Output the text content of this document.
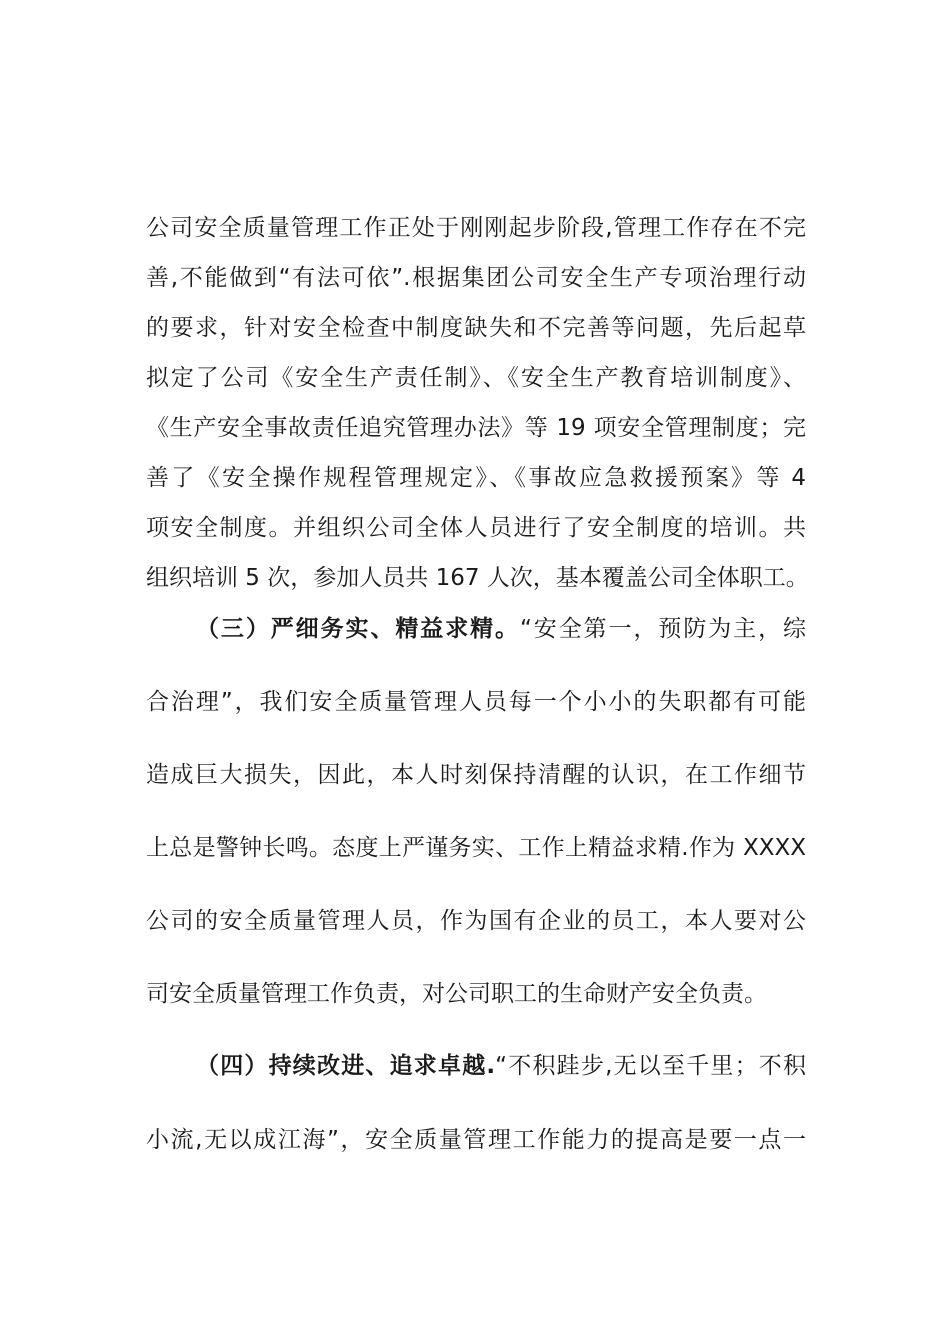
公司安全质量管理工作正处于刚刚起步阶段,管理工作存在不完
善,不能做到“有法可依”.根据集团公司安全生产专项治理行动
的要求，针对安全检查中制度缺失和不完善等问题，先后起草
拟定了公司《安全生产责任制》、《安全生产教育培训制度》、
《生产安全事故责任追究管理办法》等 19 项安全管理制度；完
善了《安全操作规程管理规定》、《事故应急救援预案》等 4
项安全制度。并组织公司全体人员进行了安全制度的培训。共
组织培训 5 次，参加人员共 167 人次，基本覆盖公司全体职工。
（三）严细务实、精益求精。“安全第一，预防为主，综
合治理”，我们安全质量管理人员每一个小小的失职都有可能
造成巨大损失，因此，本人时刻保持清醒的认识，在工作细节
上总是警钟长鸣。态度上严谨务实、工作上精益求精.作为 XXXX
公司的安全质量管理人员，作为国有企业的员工，本人要对公
司安全质量管理工作负责，对公司职工的生命财产安全负责。
（四）持续改进、追求卓越.“不积跬步,无以至千里；不积
小流,无以成江海”，安全质量管理工作能力的提高是要一点一
